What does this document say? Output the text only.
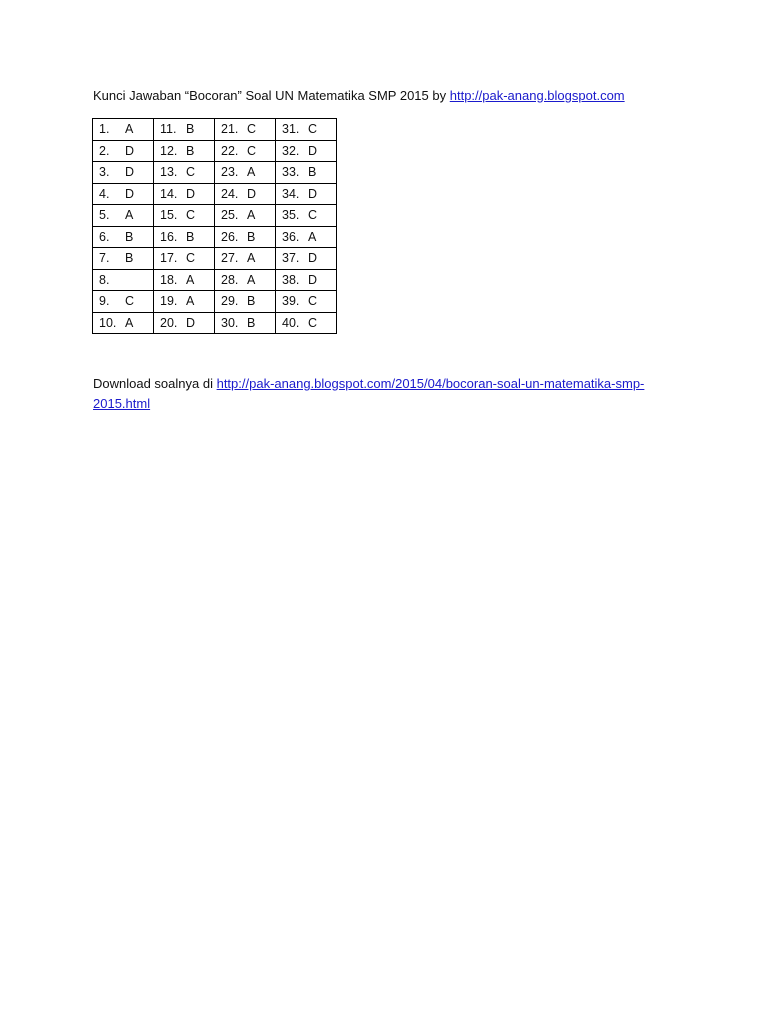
Kunci Jawaban “Bocoran” Soal UN Matematika SMP 2015 by http://pak-anang.blogspot.com
1. A	11. B	21. C	31. C
2. D	12. B	22. C	32. D
3. D	13. C	23. A	33. B
4. D	14. D	24. D	34. D
5. A	15. C	25. A	35. C
6. B	16. B	26. B	36. A
7. B	17. C	27. A	37. D
8.	18. A	28. A	38. D
9. C	19. A	29. B	39. C
10. A	20. D	30. B	40. C
Download soalnya di http://pak-anang.blogspot.com/2015/04/bocoran-soal-un-matematika-smp-2015.html
